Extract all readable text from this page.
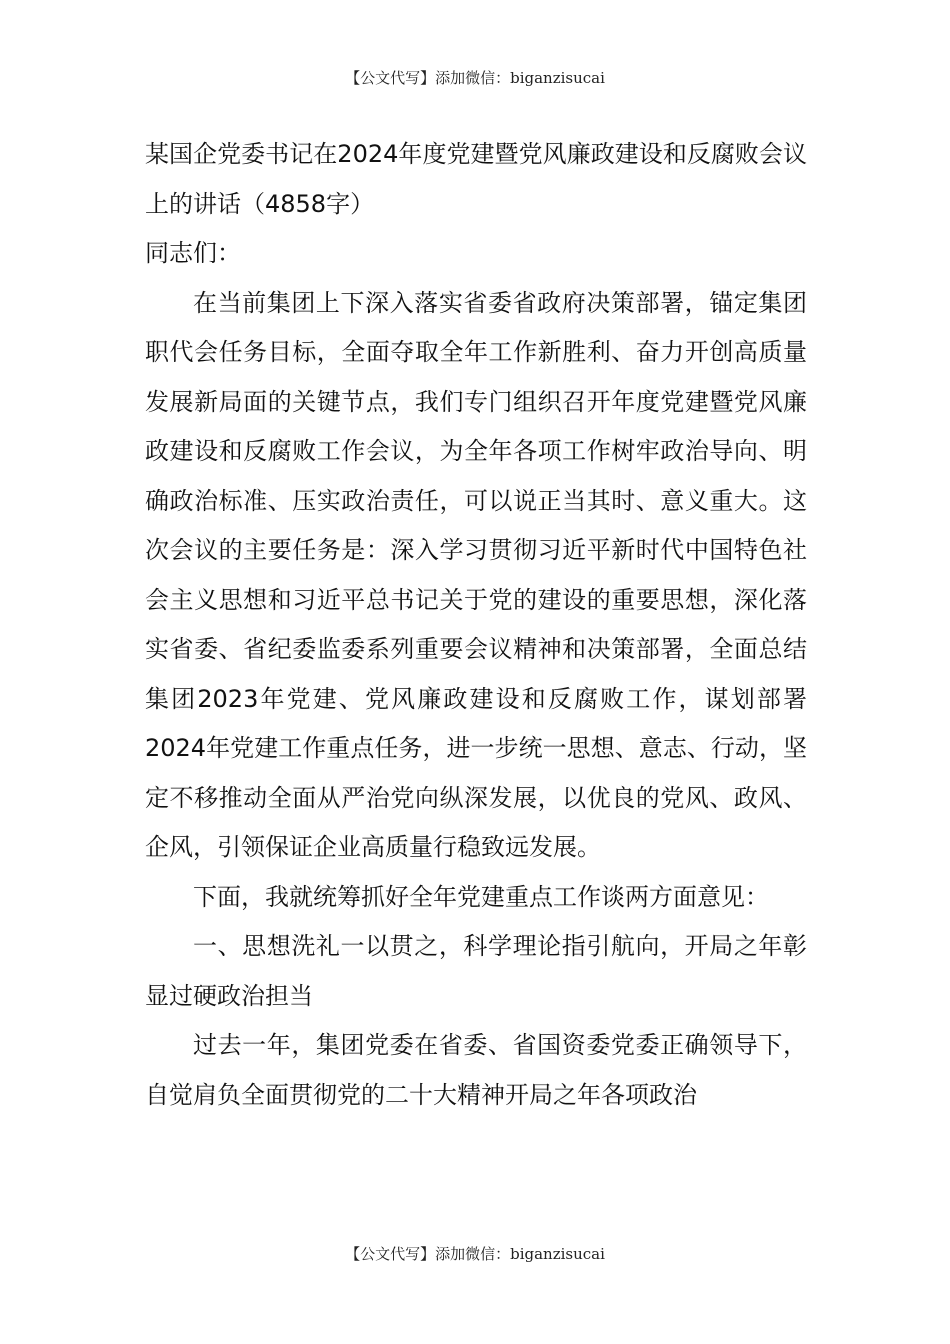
【公文代写】添加微信：biganzisucai

某国企党委书记在2024年度党建暨党风廉政建设和反腐败会议上的讲话（4858字）

同志们：

在当前集团上下深入落实省委省政府决策部署，锚定集团职代会任务目标，全面夺取全年工作新胜利、奋力开创高质量发展新局面的关键节点，我们专门组织召开年度党建暨党风廉政建设和反腐败工作会议，为全年各项工作树牢政治导向、明确政治标准、压实政治责任，可以说正当其时、意义重大。这次会议的主要任务是：深入学习贯彻习近平新时代中国特色社会主义思想和习近平总书记关于党的建设的重要思想，深化落实省委、省纪委监委系列重要会议精神和决策部署，全面总结集团2023年党建、党风廉政建设和反腐败工作，谋划部署2024年党建工作重点任务，进一步统一思想、意志、行动，坚定不移推动全面从严治党向纵深发展，以优良的党风、政风、企风，引领保证企业高质量行稳致远发展。

下面，我就统筹抓好全年党建重点工作谈两方面意见：

一、思想洗礼一以贯之，科学理论指引航向，开局之年彰显过硬政治担当

过去一年，集团党委在省委、省国资委党委正确领导下，自觉肩负全面贯彻党的二十大精神开局之年各项政治

【公文代写】添加微信：biganzisucai
